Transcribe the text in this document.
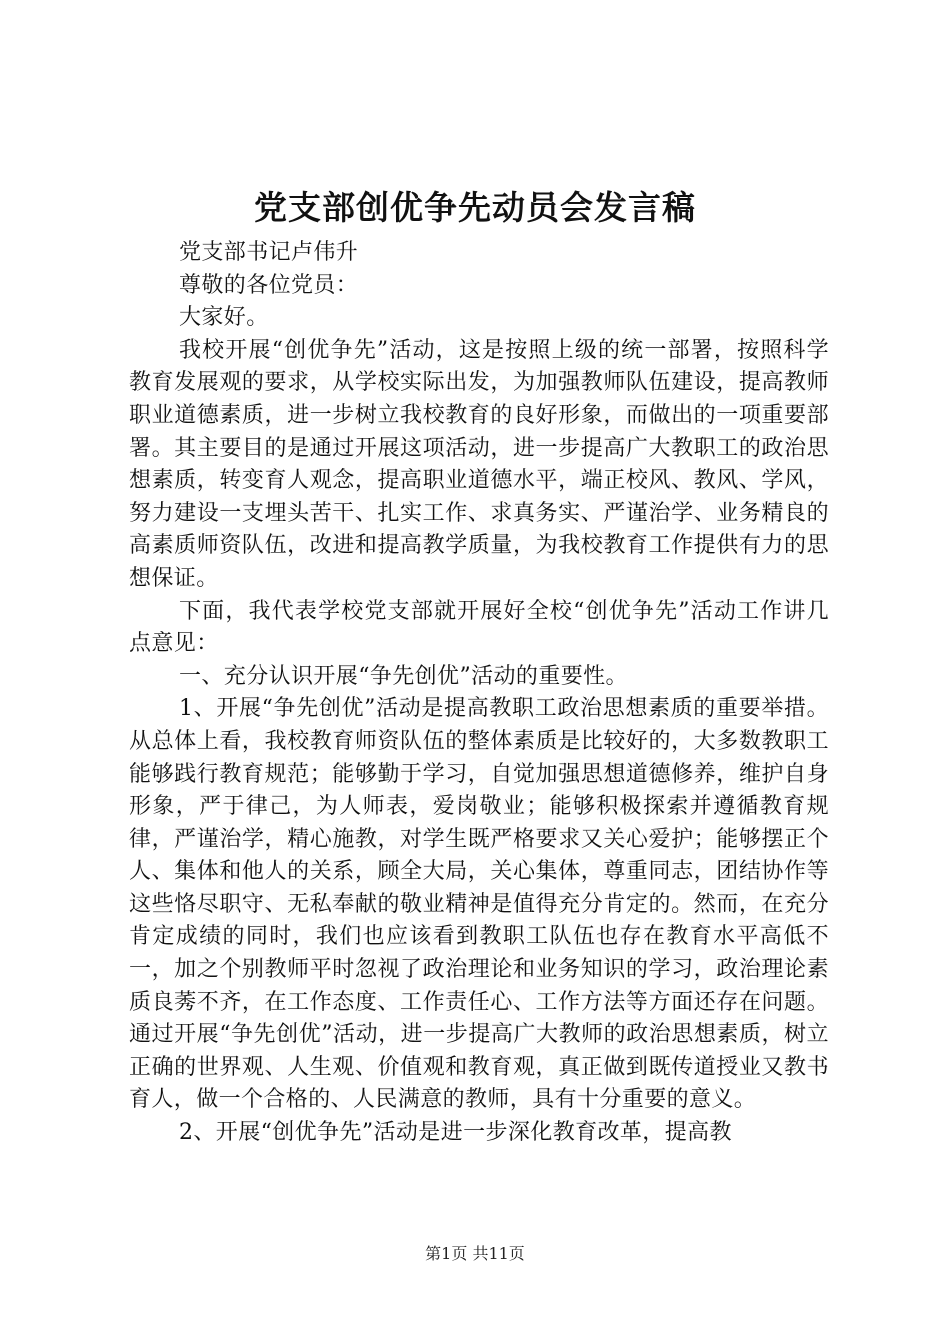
党支部创优争先动员会发言稿

党支部书记卢伟升

尊敬的各位党员：

大家好。

我校开展“创优争先”活动，这是按照上级的统一部署，按照科学教育发展观的要求，从学校实际出发，为加强教师队伍建设，提高教师职业道德素质，进一步树立我校教育的良好形象，而做出的一项重要部署。其主要目的是通过开展这项活动，进一步提高广大教职工的政治思想素质，转变育人观念，提高职业道德水平，端正校风、教风、学风，努力建设一支埋头苦干、扎实工作、求真务实、严谨治学、业务精良的高素质师资队伍，改进和提高教学质量，为我校教育工作提供有力的思想保证。

下面，我代表学校党支部就开展好全校“创优争先”活动工作讲几点意见：

一、充分认识开展“争先创优”活动的重要性。

1、开展“争先创优”活动是提高教职工政治思想素质的重要举措。从总体上看，我校教育师资队伍的整体素质是比较好的，大多数教职工能够践行教育规范；能够勤于学习，自觉加强思想道德修养，维护自身形象，严于律己，为人师表，爱岗敬业；能够积极探索并遵循教育规律，严谨治学，精心施教，对学生既严格要求又关心爱护；能够摆正个人、集体和他人的关系，顾全大局，关心集体，尊重同志，团结协作等这些恪尽职守、无私奉献的敬业精神是值得充分肯定的。然而，在充分肯定成绩的同时，我们也应该看到教职工队伍也存在教育水平高低不一，加之个别教师平时忽视了政治理论和业务知识的学习，政治理论素质良莠不齐，在工作态度、工作责任心、工作方法等方面还存在问题。通过开展“争先创优”活动，进一步提高广大教师的政治思想素质，树立正确的世界观、人生观、价值观和教育观，真正做到既传道授业又教书育人，做一个合格的、人民满意的教师，具有十分重要的意义。

2、开展“创优争先”活动是进一步深化教育改革，提高教

第1页 共11页
